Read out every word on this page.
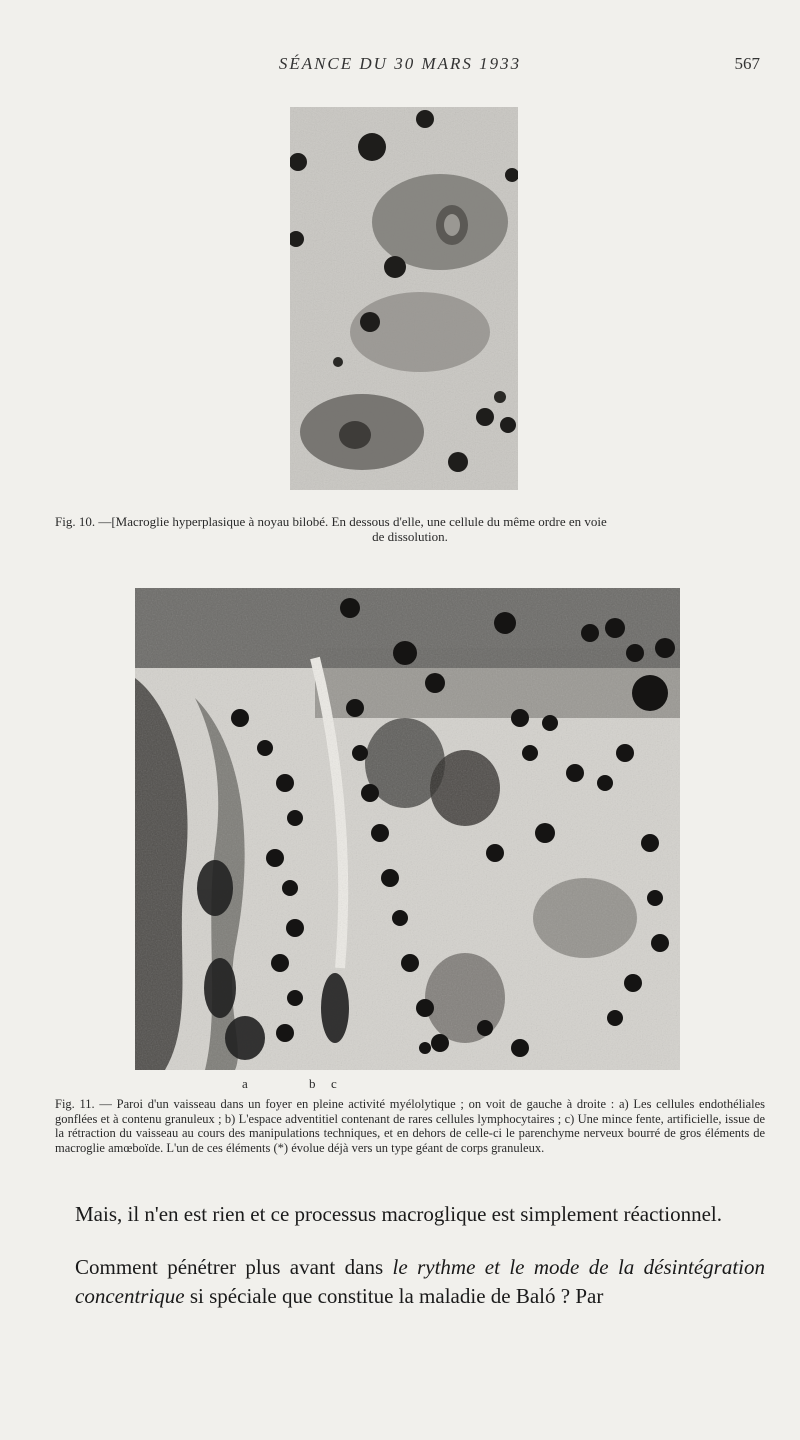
SÉANCE DU 30 MARS 1933	567
Fig. 10. —[Macroglie hyperplasique à noyau bilobé. En dessous d'elle, une cellule du même ordre en voie
de dissolution.
a	b c
Fig. 11. — Paroi d'un vaisseau dans un foyer en pleine activité myélolytique ; on voit de gauche à droite : a) Les cellules endothéliales gonflées et à contenu granuleux ; b) L'espace adventitiel contenant de rares cellules lymphocytaires ; c) Une mince fente, artificielle, issue de la rétraction du vaisseau au cours des manipulations techniques, et en dehors de celle-ci le parenchyme nerveux bourré de gros éléments de macroglie amœboïde. L'un de ces éléments (*) évolue déjà vers un type géant de corps granuleux.
Mais, il n'en est rien et ce processus macroglique est simplement réactionnel.
Comment pénétrer plus avant dans le rythme et le mode de la désintégration concentrique si spéciale que constitue la maladie de Baló ? Par
